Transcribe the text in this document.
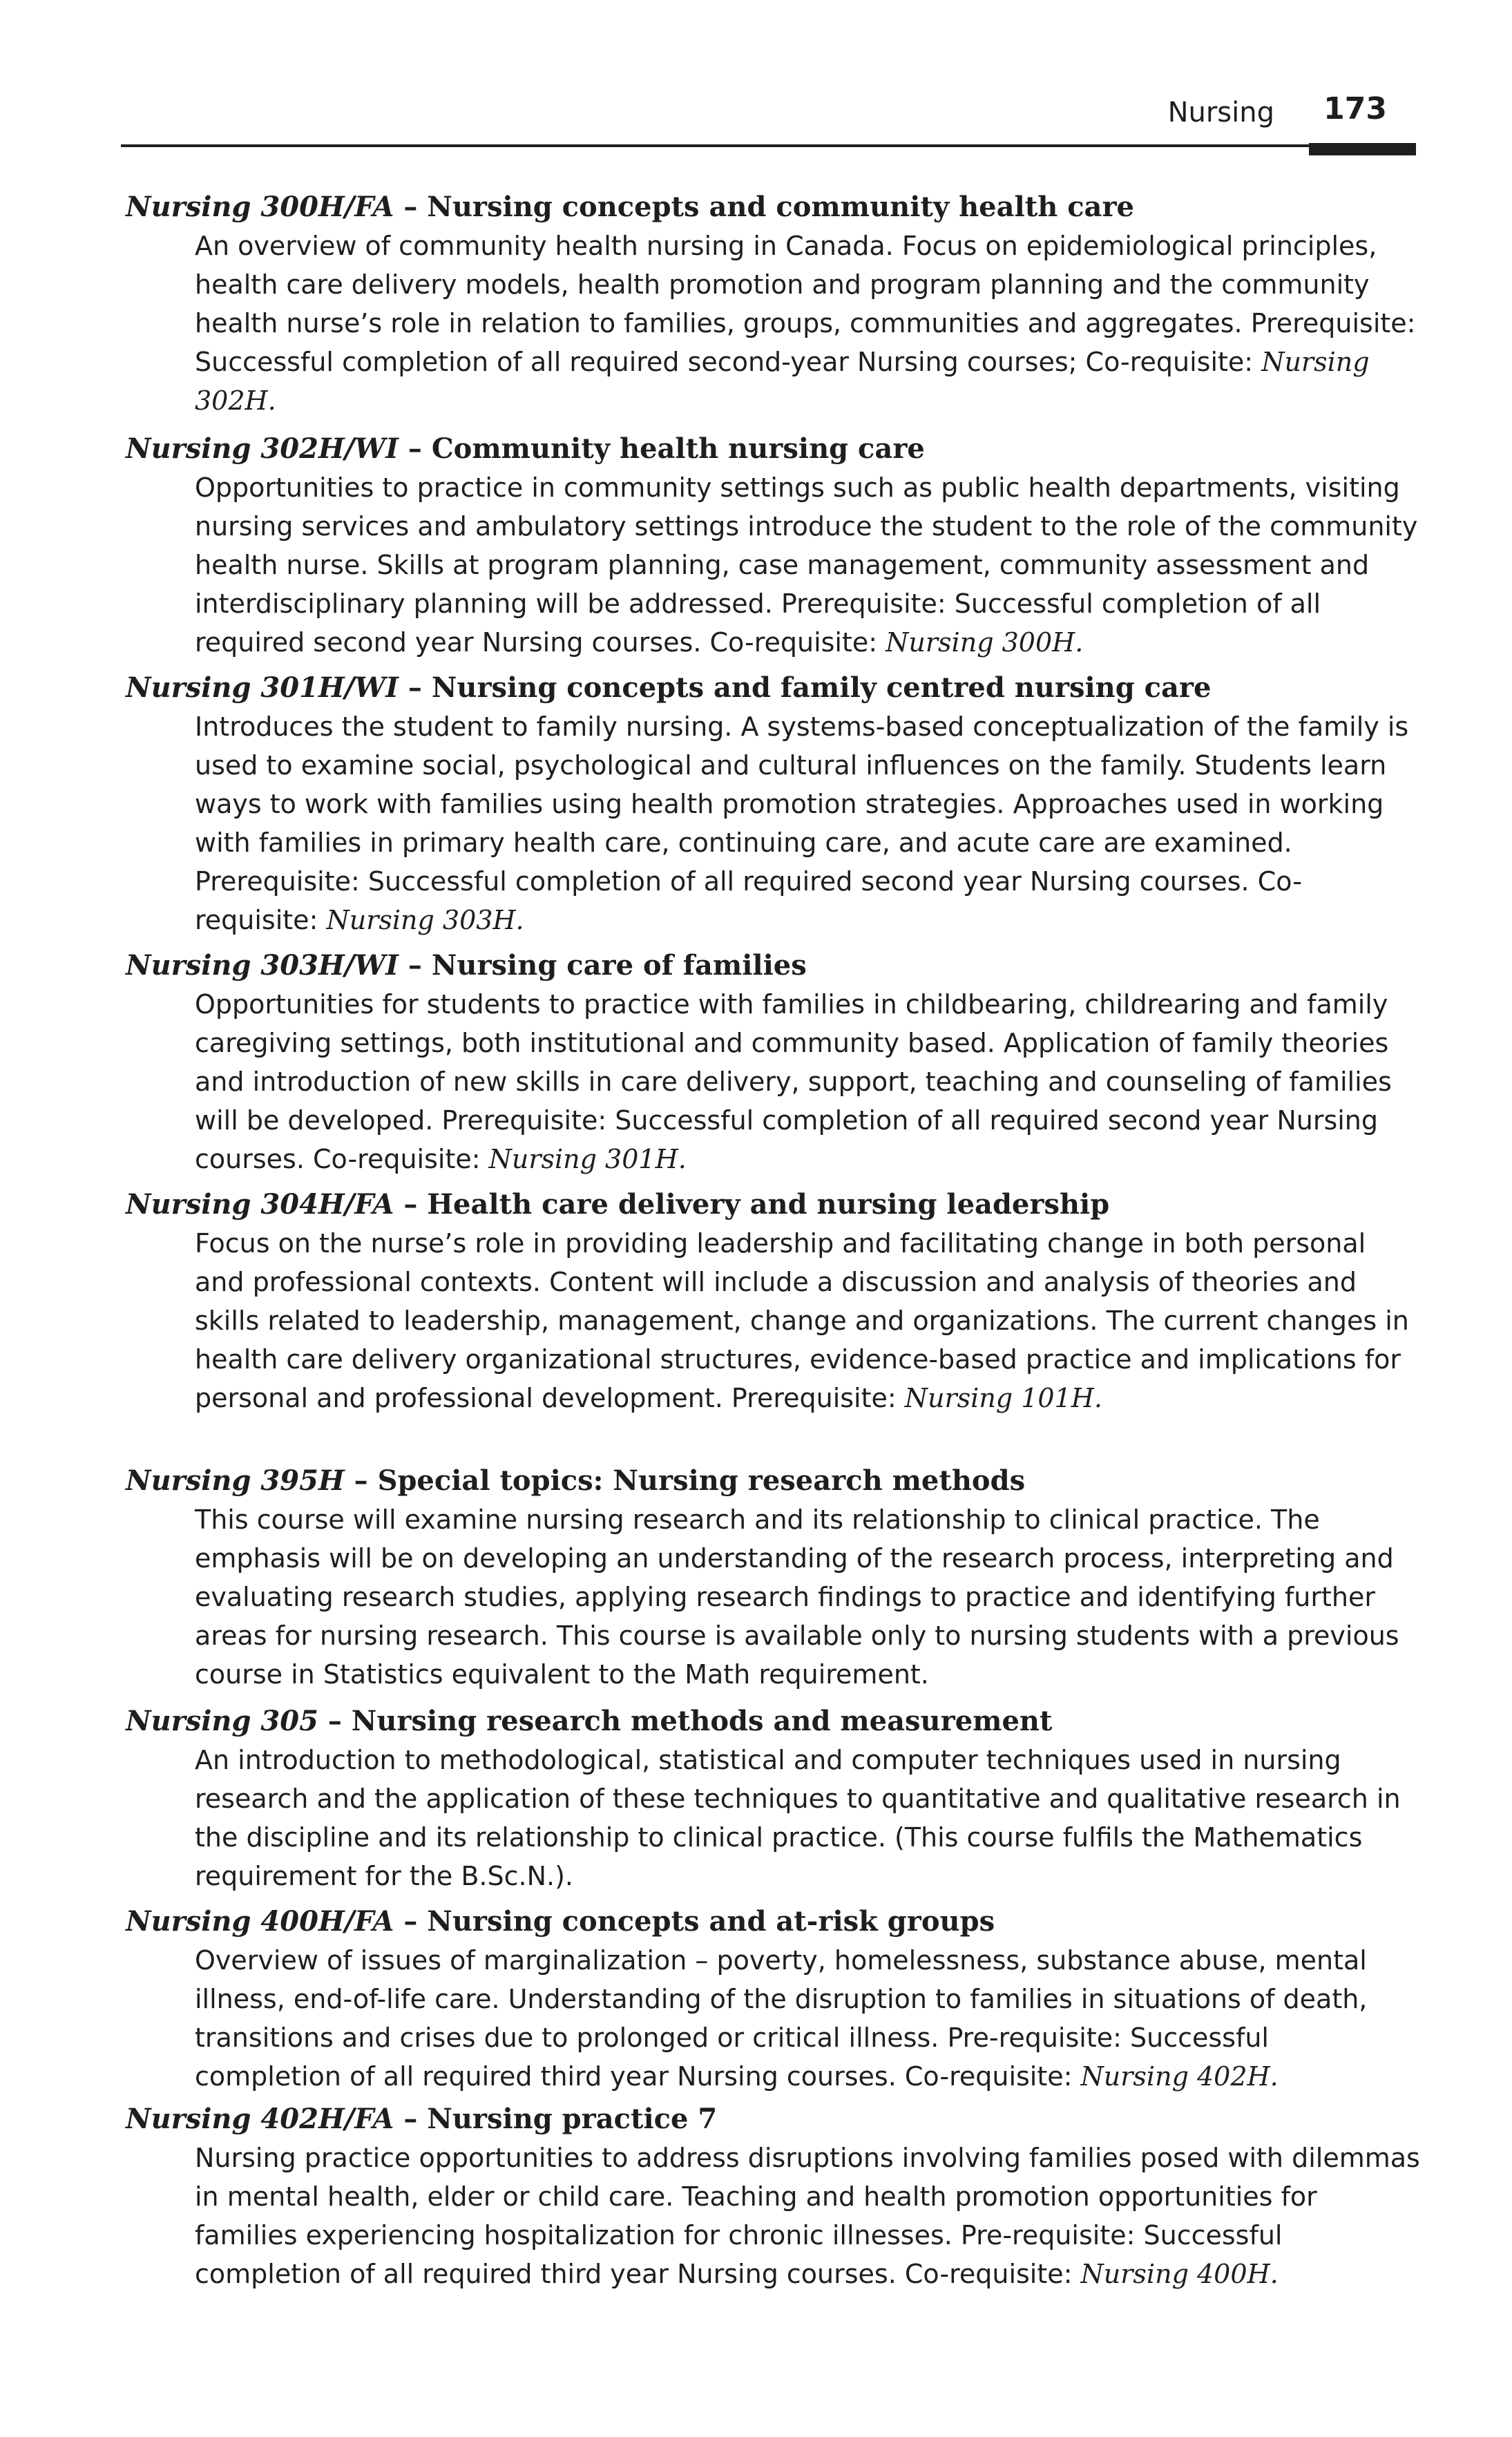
Nursing 173
Nursing 300H/FA – Nursing concepts and community health care
An overview of community health nursing in Canada. Focus on epidemiological principles, health care delivery models, health promotion and program planning and the community health nurse’s role in relation to families, groups, communities and aggregates. Prerequisite: Successful completion of all required second-year Nursing courses; Co-requisite: Nursing 302H.
Nursing 302H/WI – Community health nursing care
Opportunities to practice in community settings such as public health departments, visiting nursing services and ambulatory settings introduce the student to the role of the community health nurse. Skills at program planning, case management, community assessment and interdisciplinary planning will be addressed. Prerequisite: Successful completion of all required second year Nursing courses. Co-requisite: Nursing 300H.
Nursing 301H/WI – Nursing concepts and family centred nursing care
Introduces the student to family nursing. A systems-based conceptualization of the family is used to examine social, psychological and cultural influences on the family. Students learn ways to work with families using health promotion strategies. Approaches used in working with families in primary health care, continuing care, and acute care are examined. Prerequisite: Successful completion of all required second year Nursing courses. Co-requisite: Nursing 303H.
Nursing 303H/WI – Nursing care of families
Opportunities for students to practice with families in childbearing, childrearing and family caregiving settings, both institutional and community based. Application of family theories and introduction of new skills in care delivery, support, teaching and counseling of families will be developed. Prerequisite: Successful completion of all required second year Nursing courses. Co-requisite: Nursing 301H.
Nursing 304H/FA – Health care delivery and nursing leadership
Focus on the nurse’s role in providing leadership and facilitating change in both personal and professional contexts. Content will include a discussion and analysis of theories and skills related to leadership, management, change and organizations. The current changes in health care delivery organizational structures, evidence-based practice and implications for personal and professional development. Prerequisite: Nursing 101H.
Nursing 395H – Special topics: Nursing research methods
This course will examine nursing research and its relationship to clinical practice. The emphasis will be on developing an understanding of the research process, interpreting and evaluating research studies, applying research findings to practice and identifying further areas for nursing research. This course is available only to nursing students with a previous course in Statistics equivalent to the Math requirement.
Nursing 305 – Nursing research methods and measurement
An introduction to methodological, statistical and computer techniques used in nursing research and the application of these techniques to quantitative and qualitative research in the discipline and its relationship to clinical practice. (This course fulfils the Mathematics requirement for the B.Sc.N.).
Nursing 400H/FA – Nursing concepts and at-risk groups
Overview of issues of marginalization – poverty, homelessness, substance abuse, mental illness, end-of-life care. Understanding of the disruption to families in situations of death, transitions and crises due to prolonged or critical illness. Pre-requisite: Successful completion of all required third year Nursing courses. Co-requisite: Nursing 402H.
Nursing 402H/FA – Nursing practice 7
Nursing practice opportunities to address disruptions involving families posed with dilemmas in mental health, elder or child care. Teaching and health promotion opportunities for families experiencing hospitalization for chronic illnesses. Pre-requisite: Successful completion of all required third year Nursing courses. Co-requisite: Nursing 400H.
